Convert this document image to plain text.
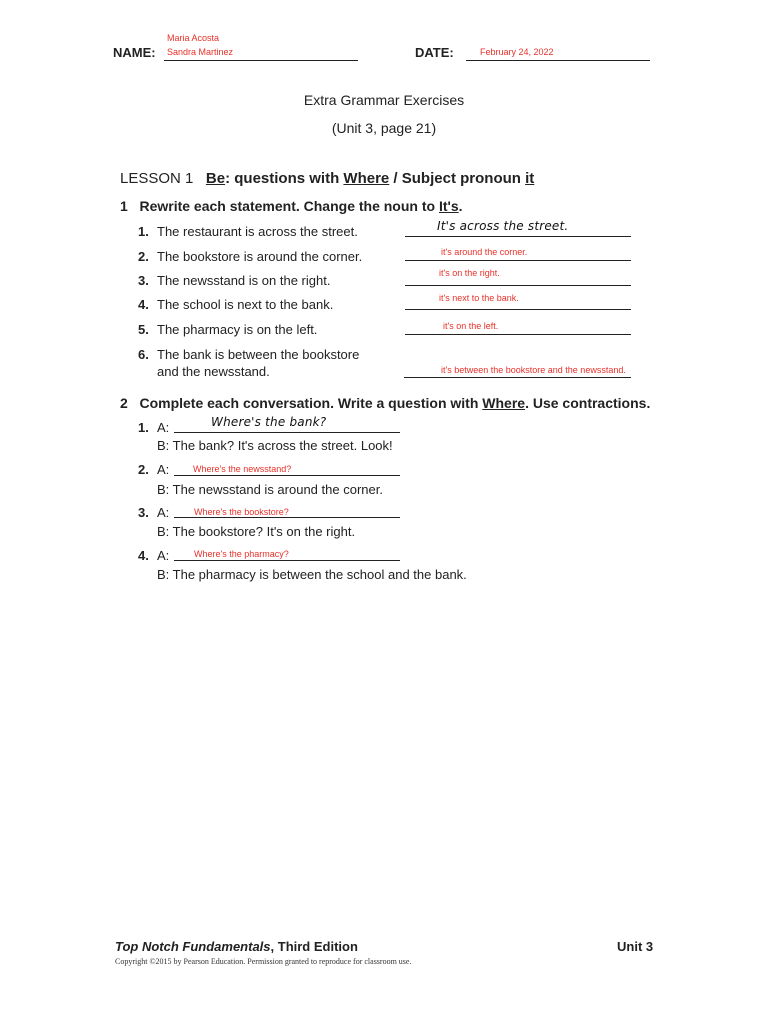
Maria Acosta
NAME: Sandra Martinez	DATE:	February 24, 2022
Extra Grammar Exercises
(Unit 3, page 21)
LESSON 1 Be: questions with Where / Subject pronoun it
1 Rewrite each statement. Change the noun to It's.
1. The restaurant is across the street.	It's across the street.
2. The bookstore is around the corner.	it's around the corner.
3. The newsstand is on the right.	it's on the right.
4. The school is next to the bank.	it's next to the bank.
5. The pharmacy is on the left.	it's on the left.
6. The bank is between the bookstore
and the newsstand.	it's between the bookstore and the newsstand.
2 Complete each conversation. Write a question with Where. Use contractions.
1. A:	Where's the bank?
B: The bank? It's across the street. Look!
2. A:	Where's the newsstand?
B: The newsstand is around the corner.
3. A:	Where's the bookstore?
B: The bookstore? It's on the right.
4. A:	Where's the pharmacy?
B: The pharmacy is between the school and the bank.
Top Notch Fundamentals, Third Edition	Unit 3
Copyright ©2015 by Pearson Education. Permission granted to reproduce for classroom use.
